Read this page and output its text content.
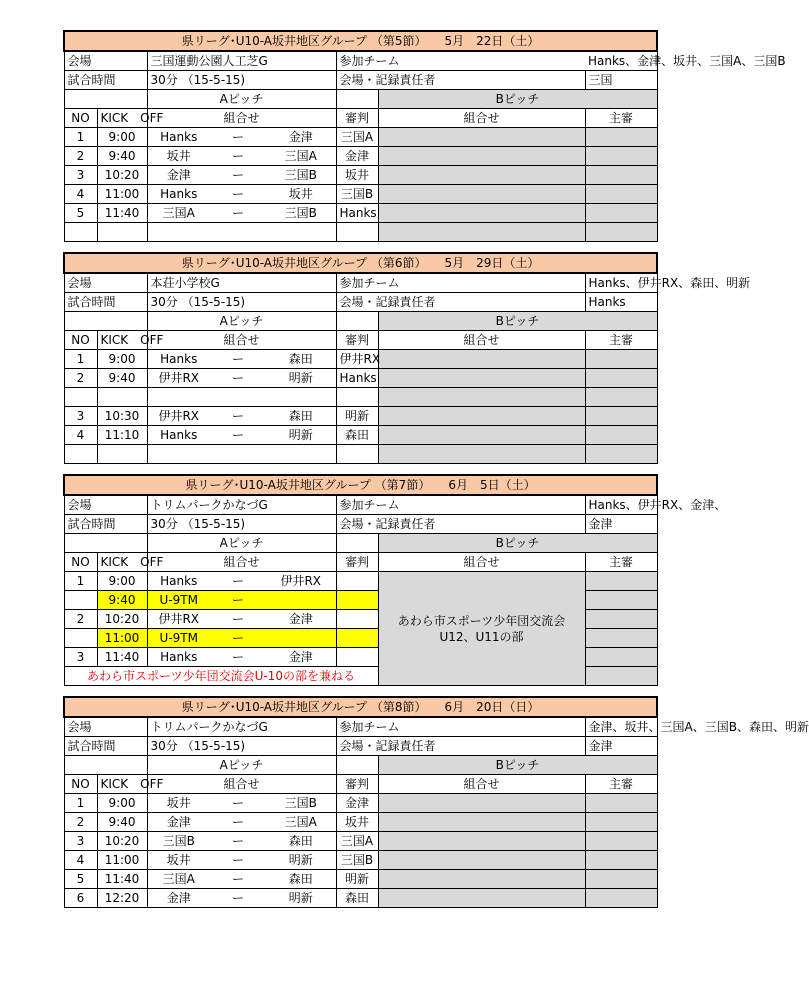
県リーグ･U10-A坂井地区グループ （第5節）　　5月　22日（土）							
会場		三国運動公園人工芝G			参加チーム		Hanks、金津、坂井、三国A、三国B
試合時間		30分 （15-5-15)			会場・記録責任者		三国
		Aピッチ				Bピッチ	
NO	KICK　OFF	組合せ			審判	組合せ	主審
1	9:00	Hanks	ー	金津	三国A		
2	9:40	坂井	ー	三国A	金津		
3	10:20	金津	ー	三国B	坂井		
4	11:00	Hanks	ー	坂井	三国B		
5	11:40	三国A	ー	三国B	Hanks		

県リーグ･U10-A坂井地区グループ （第6節）　　5月　29日（土）							
会場		本荘小学校G			参加チーム		Hanks、伊井RX、森田、明新
試合時間		30分 （15-5-15)			会場・記録責任者		Hanks
		Aピッチ				Bピッチ	
NO	KICK　OFF	組合せ			審判	組合せ	主審
1	9:00	Hanks	ー	森田	伊井RX		
2	9:40	伊井RX	ー	明新	Hanks		

3	10:30	伊井RX	ー	森田	明新		
4	11:10	Hanks	ー	明新	森田		

県リーグ･U10-A坂井地区グループ （第7節）　　6月　5日（土）							
会場		トリムパークかなづG			参加チーム		Hanks、伊井RX、金津、
試合時間		30分 （15-5-15)			会場・記録責任者		金津
		Aピッチ				Bピッチ	
NO	KICK　OFF	組合せ			審判	組合せ	主審
1	9:00	Hanks	ー	伊井RX		あわら市スポーツ少年団交流会　 U12、U11の部	
	9:40	U-9TM	ー				
2	10:20	伊井RX	ー	金津			
	11:00	U-9TM	ー				
3	11:40	Hanks	ー	金津			
あわら市スポーツ少年団交流会U-10の部を兼ねる							
県リーグ･U10-A坂井地区グループ （第8節）　　6月　20日（日）							
会場		トリムパークかなづG			参加チーム		金津、坂井、三国A、三国B、森田、明新
試合時間		30分 （15-5-15)			会場・記録責任者		金津
		Aピッチ				Bピッチ	
NO	KICK　OFF	組合せ			審判	組合せ	主審
1	9:00	坂井	ー	三国B	金津		
2	9:40	金津	ー	三国A	坂井		
3	10:20	三国B	ー	森田	三国A		
4	11:00	坂井	ー	明新	三国B		
5	11:40	三国A	ー	森田	明新		
6	12:20	金津	ー	明新	森田		
